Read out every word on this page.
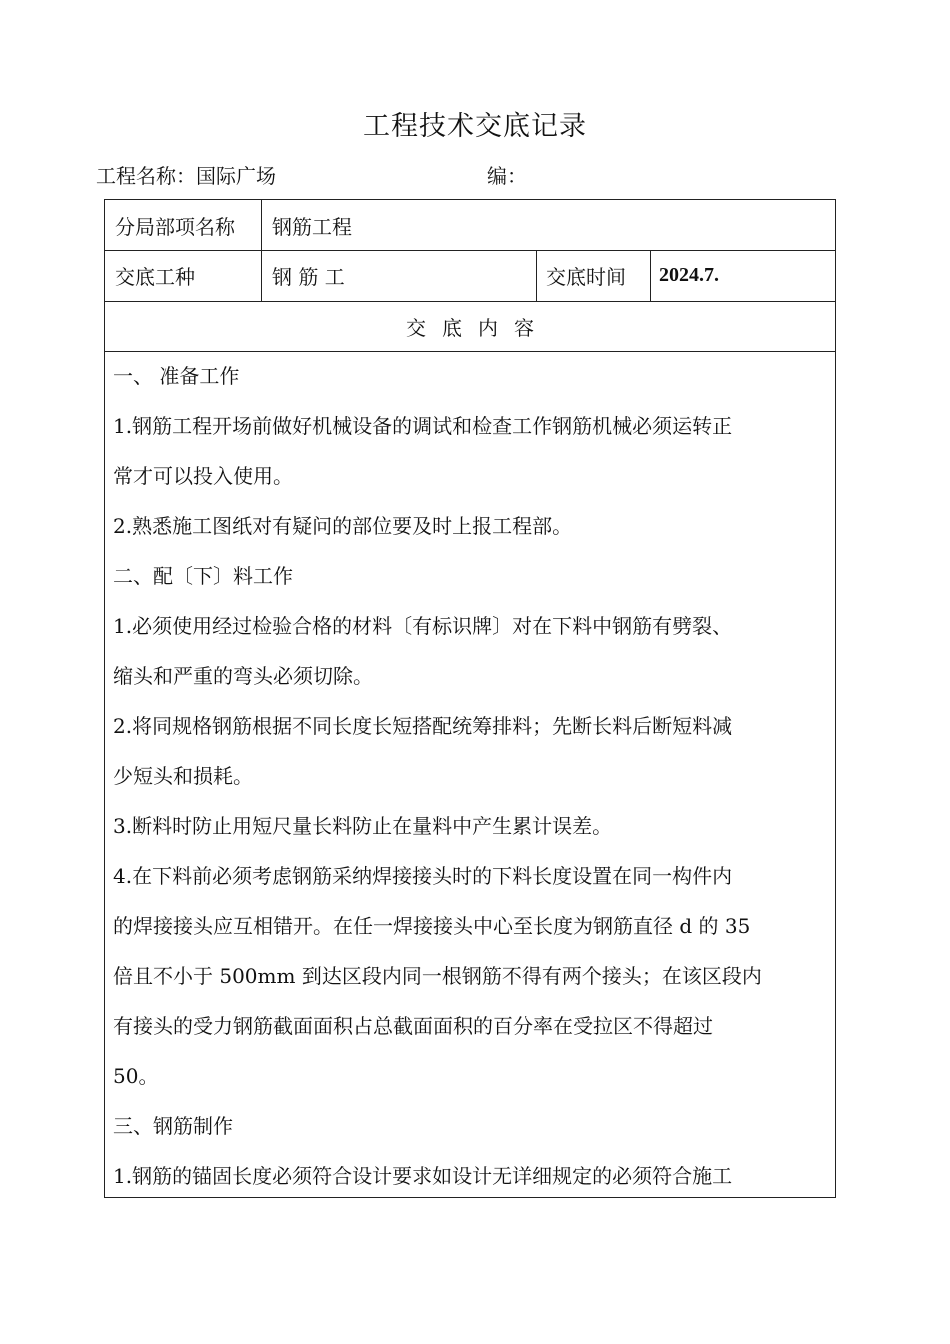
工程技术交底记录
工程名称：国际广场	编：
分局部项名称	钢筋工程
交底工种	钢 筋 工	交底时间	2024.7.
交底内容
一、 准备工作
1.钢筋工程开场前做好机械设备的调试和检查工作钢筋机械必须运转正
常才可以投入使用。
2.熟悉施工图纸对有疑问的部位要及时上报工程部。
二、配〔下〕料工作
1.必须使用经过检验合格的材料〔有标识牌〕对在下料中钢筋有劈裂、
缩头和严重的弯头必须切除。
2.将同规格钢筋根据不同长度长短搭配统筹排料；先断长料后断短料减
少短头和损耗。
3.断料时防止用短尺量长料防止在量料中产生累计误差。
4.在下料前必须考虑钢筋采纳焊接接头时的下料长度设置在同一构件内
的焊接接头应互相错开。在任一焊接接头中心至长度为钢筋直径 d 的 35
倍且不小于 500mm 到达区段内同一根钢筋不得有两个接头；在该区段内
有接头的受力钢筋截面面积占总截面面积的百分率在受拉区不得超过
50。
三、钢筋制作
1.钢筋的锚固长度必须符合设计要求如设计无详细规定的必须符合施工
